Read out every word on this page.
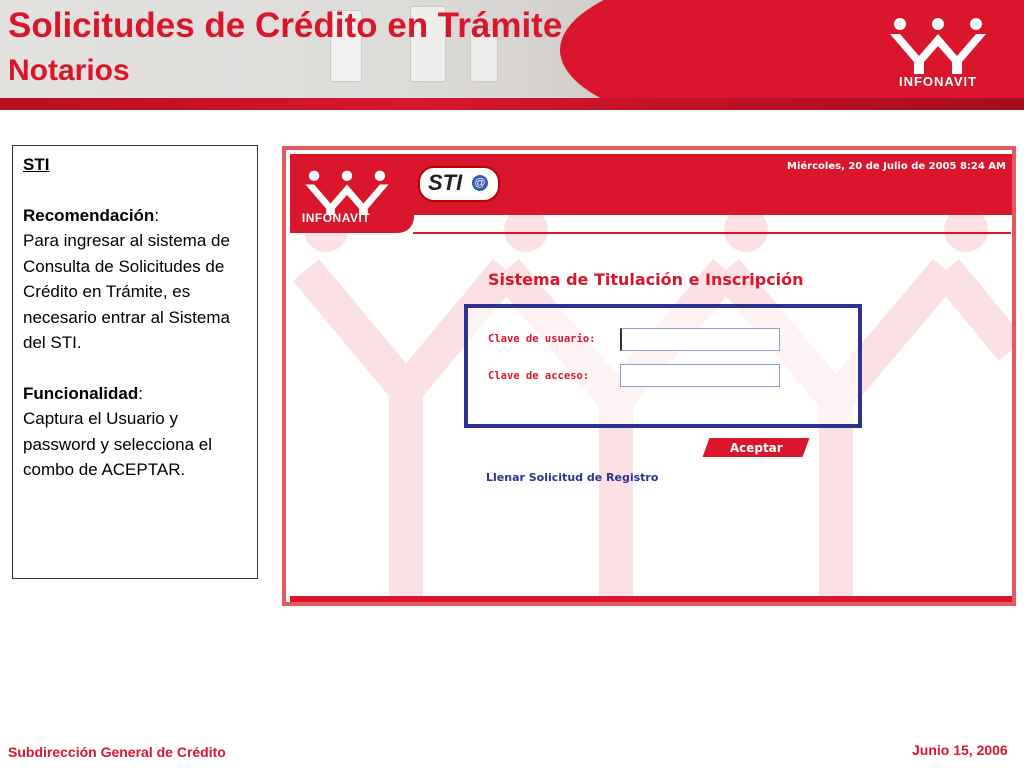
Solicitudes de Crédito en Trámite
Notarios	INFONAVIT

STI

Recomendación:

Para ingresar al sistema de Consulta de Solicitudes de Crédito en Trámite, es necesario entrar al Sistema del STI.

Funcionalidad:

Captura el Usuario y password y selecciona el combo de ACEPTAR.

STI @
Miércoles, 20 de Julio de 2005 8:24 AM
INFONAVIT
Sistema de Titulación e Inscripción
Clave de usuario:
Clave de acceso:
Aceptar
Llenar Solicitud de Registro
Subdirección General de Crédito	Junio 15, 2006
